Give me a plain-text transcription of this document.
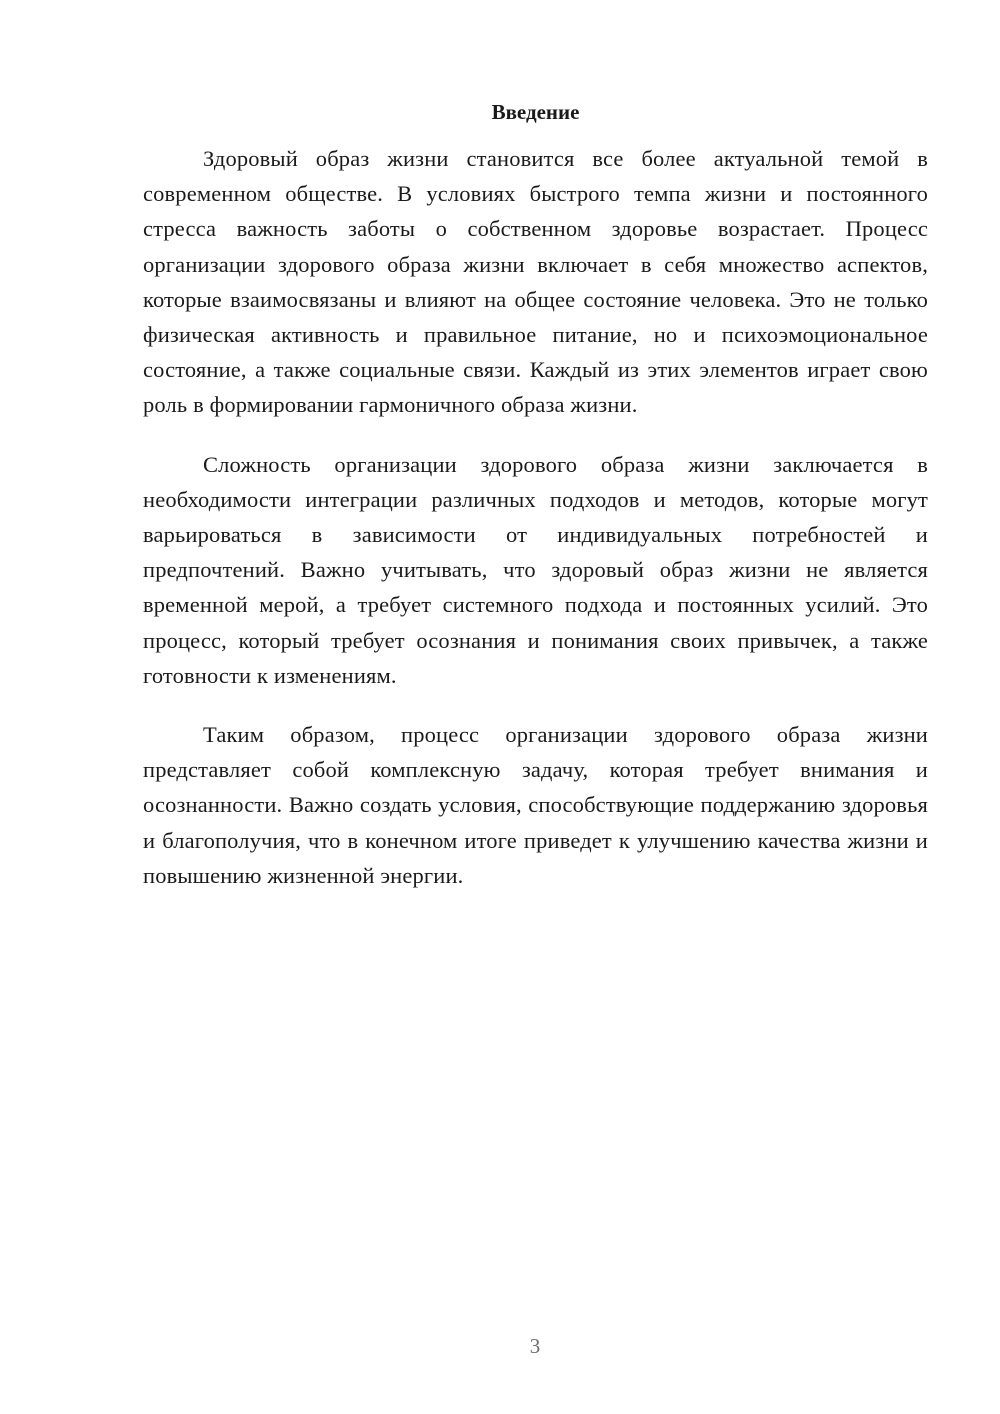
Введение

Здоровый образ жизни становится все более актуальной темой в современном обществе. В условиях быстрого темпа жизни и постоянного стресса важность заботы о собственном здоровье возрастает. Процесс организации здорового образа жизни включает в себя множество аспектов, которые взаимосвязаны и влияют на общее состояние человека. Это не только физическая активность и правильное питание, но и психоэмоциональное состояние, а также социальные связи. Каждый из этих элементов играет свою роль в формировании гармоничного образа жизни.

Сложность организации здорового образа жизни заключается в необходимости интеграции различных подходов и методов, которые могут варьироваться в зависимости от индивидуальных потребностей и предпочтений. Важно учитывать, что здоровый образ жизни не является временной мерой, а требует системного подхода и постоянных усилий. Это процесс, который требует осознания и понимания своих привычек, а также готовности к изменениям.

Таким образом, процесс организации здорового образа жизни представляет собой комплексную задачу, которая требует внимания и осознанности. Важно создать условия, способствующие поддержанию здоровья и благополучия, что в конечном итоге приведет к улучшению качества жизни и повышению жизненной энергии.

3
